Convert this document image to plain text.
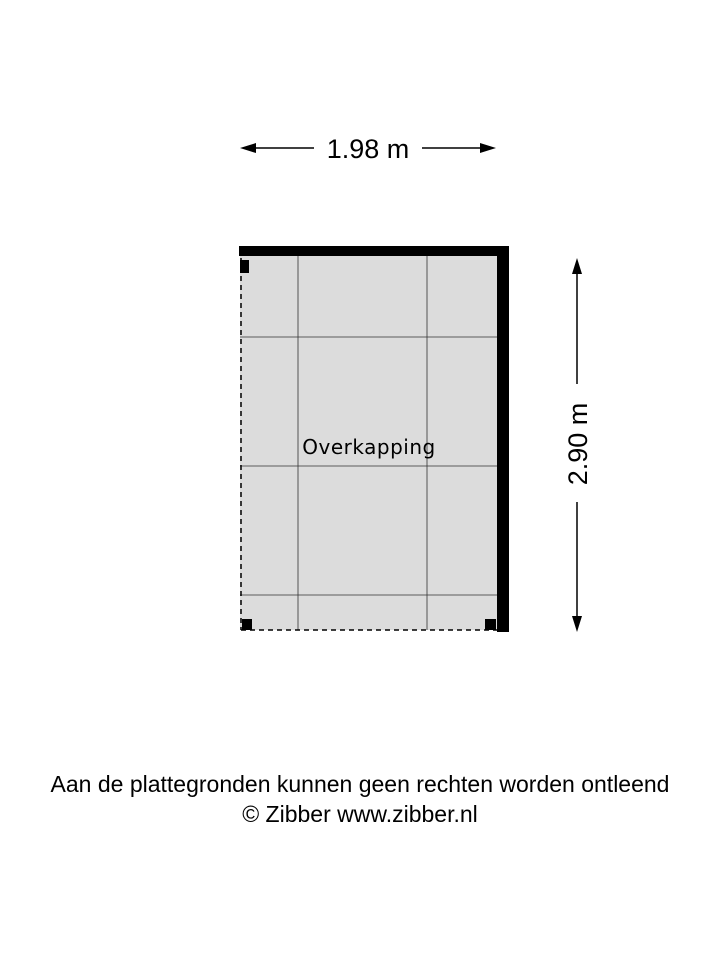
1.98 m
2.90 m
Overkapping
Aan de plattegronden kunnen geen rechten worden ontleend
© Zibber www.zibber.nl
